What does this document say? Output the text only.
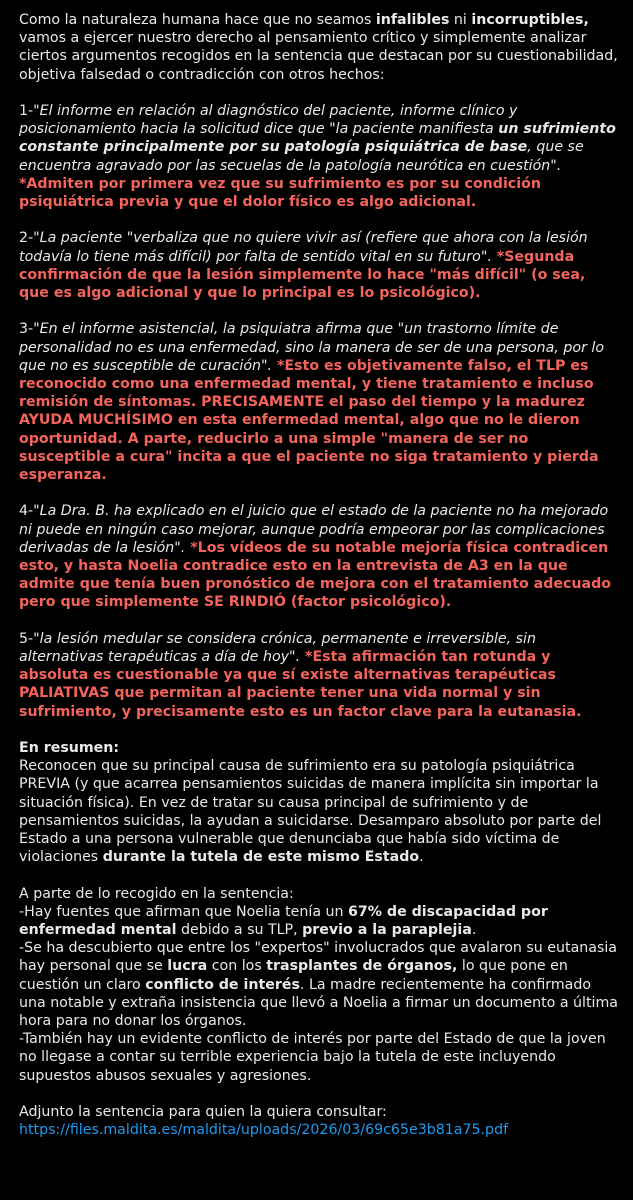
Como la naturaleza humana hace que no seamos infalibles ni incorruptibles, vamos a ejercer nuestro derecho al pensamiento crítico y simplemente analizar ciertos argumentos recogidos en la sentencia que destacan por su cuestionabilidad, objetiva falsedad o contradicción con otros hechos:
1-"El informe en relación al diagnóstico del paciente, informe clínico y posicionamiento hacia la solicitud dice que "la paciente manifiesta un sufrimiento constante principalmente por su patología psiquiátrica de base, que se encuentra agravado por las secuelas de la patología neurótica en cuestión". *Admiten por primera vez que su sufrimiento es por su condición psiquiátrica previa y que el dolor físico es algo adicional.
2-"La paciente "verbaliza que no quiere vivir así (refiere que ahora con la lesión todavía lo tiene más difícil) por falta de sentido vital en su futuro". *Segunda confirmación de que la lesión simplemente lo hace "más difícil" (o sea, que es algo adicional y que lo principal es lo psicológico).
3-"En el informe asistencial, la psiquiatra afirma que "un trastorno límite de personalidad no es una enfermedad, sino la manera de ser de una persona, por lo que no es susceptible de curación". *Esto es objetivamente falso, el TLP es reconocido como una enfermedad mental, y tiene tratamiento e incluso remisión de síntomas. PRECISAMENTE el paso del tiempo y la madurez AYUDA MUCHÍSIMO en esta enfermedad mental, algo que no le dieron oportunidad. A parte, reducirlo a una simple "manera de ser no susceptible a cura" incita a que el paciente no siga tratamiento y pierda esperanza.
4-"La Dra. B. ha explicado en el juicio que el estado de la paciente no ha mejorado ni puede en ningún caso mejorar, aunque podría empeorar por las complicaciones derivadas de la lesión". *Los vídeos de su notable mejoría física contradicen esto, y hasta Noelia contradice esto en la entrevista de A3 en la que admite que tenía buen pronóstico de mejora con el tratamiento adecuado pero que simplemente SE RINDIÓ (factor psicológico).
5-"la lesión medular se considera crónica, permanente e irreversible, sin alternativas terapéuticas a día de hoy". *Esta afirmación tan rotunda y absoluta es cuestionable ya que sí existe alternativas terapéuticas PALIATIVAS que permitan al paciente tener una vida normal y sin sufrimiento, y precisamente esto es un factor clave para la eutanasia.
En resumen:
Reconocen que su principal causa de sufrimiento era su patología psiquiátrica PREVIA (y que acarrea pensamientos suicidas de manera implícita sin importar la situación física). En vez de tratar su causa principal de sufrimiento y de pensamientos suicidas, la ayudan a suicidarse. Desamparo absoluto por parte del Estado a una persona vulnerable que denunciaba que había sido víctima de violaciones durante la tutela de este mismo Estado.
A parte de lo recogido en la sentencia:
-Hay fuentes que afirman que Noelia tenía un 67% de discapacidad por enfermedad mental debido a su TLP, previo a la paraplejia.
-Se ha descubierto que entre los "expertos" involucrados que avalaron su eutanasia hay personal que se lucra con los trasplantes de órganos, lo que pone en cuestión un claro conflicto de interés. La madre recientemente ha confirmado una notable y extraña insistencia que llevó a Noelia a firmar un documento a última hora para no donar los órganos.
-También hay un evidente conflicto de interés por parte del Estado de que la joven no llegase a contar su terrible experiencia bajo la tutela de este incluyendo supuestos abusos sexuales y agresiones.
Adjunto la sentencia para quien la quiera consultar:
https://files.maldita.es/maldita/uploads/2026/03/69c65e3b81a75.pdf
